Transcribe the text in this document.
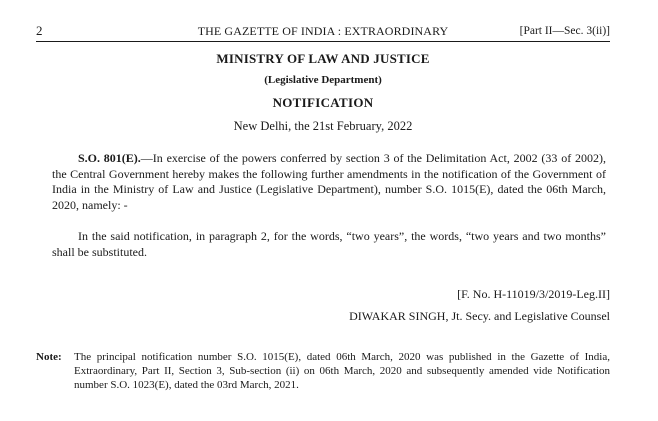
2	THE GAZETTE OF INDIA : EXTRAORDINARY	[Part II—Sec. 3(ii)]
MINISTRY OF LAW AND JUSTICE
(Legislative Department)
NOTIFICATION
New Delhi, the 21st February, 2022
S.O. 801(E).—In exercise of the powers conferred by section 3 of the Delimitation Act, 2002 (33 of 2002), the Central Government hereby makes the following further amendments in the notification of the Government of India in the Ministry of Law and Justice (Legislative Department), number S.O. 1015(E), dated the 06th March, 2020, namely: -
In the said notification, in paragraph 2, for the words, “two years”, the words, “two years and two months” shall be substituted.
[F. No. H-11019/3/2019-Leg.II]
DIWAKAR SINGH, Jt. Secy. and Legislative Counsel
Note: The principal notification number S.O. 1015(E), dated 06th March, 2020 was published in the Gazette of India, Extraordinary, Part II, Section 3, Sub-section (ii) on 06th March, 2020 and subsequently amended vide Notification number S.O. 1023(E), dated the 03rd March, 2021.
